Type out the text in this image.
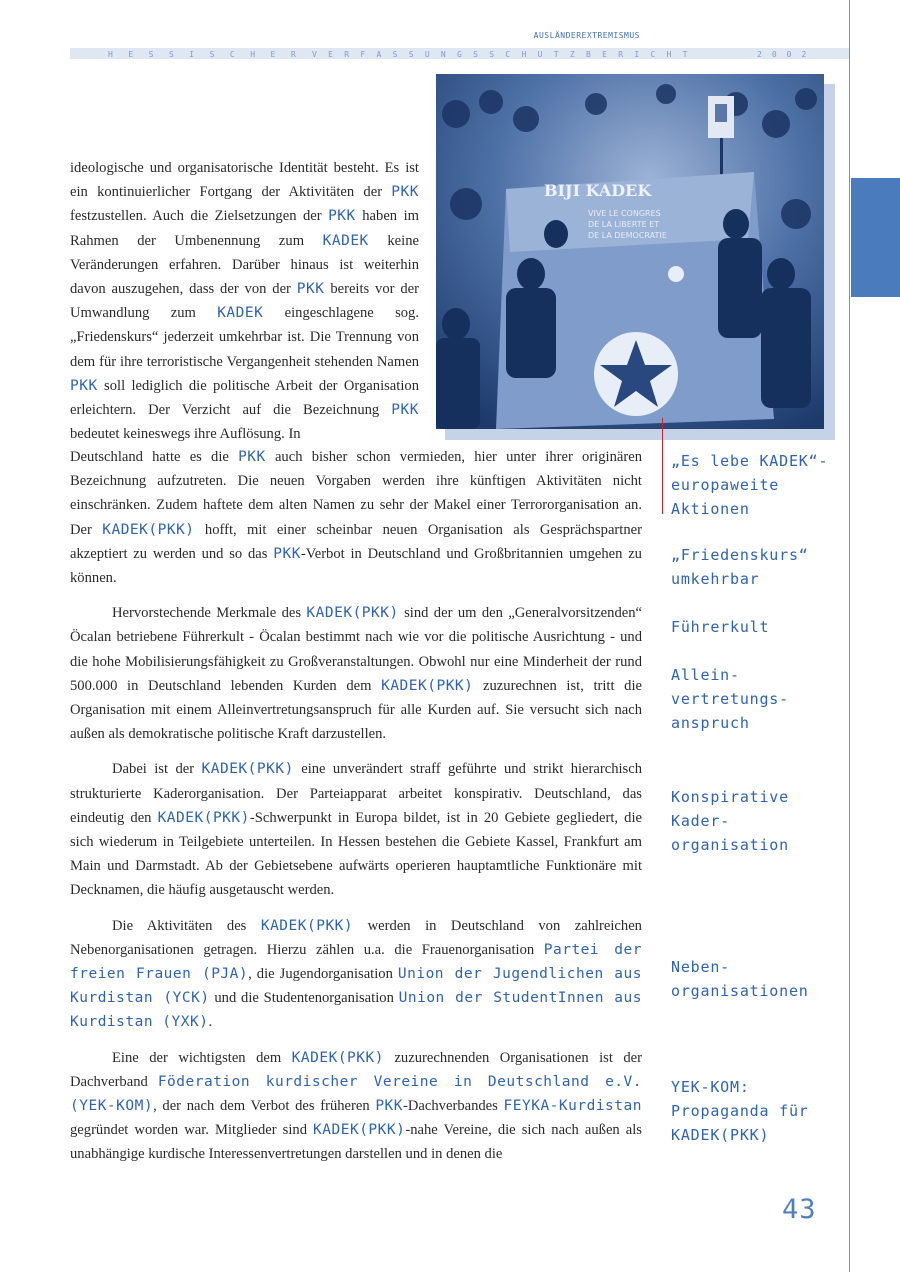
AUSLÄNDEREXTREMISMUS
HESSISCHER VERFASSUNGSSCHUTZBERICHT	2002
BIJI KADEK
VIVE LE CONGRES
DE LA LIBERTE ET
DE LA DEMOCRATIE

ideologische und organisatorische Identität besteht. Es ist ein kontinuierlicher Fortgang der Aktivitäten der PKK festzustellen. Auch die Zielsetzungen der PKK haben im Rahmen der Umbenennung zum KADEK keine Veränderungen erfahren. Darüber hinaus ist weiterhin davon auszugehen, dass der von der PKK bereits vor der Umwandlung zum KADEK eingeschlagene sog. „Friedenskurs“ jederzeit umkehrbar ist. Die Trennung von dem für ihre terroristische Vergangenheit stehenden Namen PKK soll lediglich die politische Arbeit der Organisation erleichtern. Der Verzicht auf die Bezeichnung PKK bedeutet keineswegs ihre Auflösung. In

Deutschland hatte es die PKK auch bisher schon vermieden, hier unter ihrer originären Bezeichnung aufzutreten. Die neuen Vorgaben werden ihre künftigen Aktivitäten nicht einschränken. Zudem haftete dem alten Namen zu sehr der Makel einer Terrororganisation an. Der KADEK(PKK) hofft, mit einer scheinbar neuen Organisation als Gesprächspartner akzeptiert zu werden und so das PKK-Verbot in Deutschland und Großbritannien umgehen zu können.

Hervorstechende Merkmale des KADEK(PKK) sind der um den „Generalvorsitzenden“ Öcalan betriebene Führerkult - Öcalan bestimmt nach wie vor die politische Ausrichtung - und die hohe Mobilisierungsfähigkeit zu Großveranstaltungen. Obwohl nur eine Minderheit der rund 500.000 in Deutschland lebenden Kurden dem KADEK(PKK) zuzurechnen ist, tritt die Organisation mit einem Alleinvertretungsanspruch für alle Kurden auf. Sie versucht sich nach außen als demokratische politische Kraft darzustellen.

Dabei ist der KADEK(PKK) eine unverändert straff geführte und strikt hierarchisch strukturierte Kaderorganisation. Der Parteiapparat arbeitet konspirativ. Deutschland, das eindeutig den KADEK(PKK)-Schwerpunkt in Europa bildet, ist in 20 Gebiete gegliedert, die sich wiederum in Teilgebiete unterteilen. In Hessen bestehen die Gebiete Kassel, Frankfurt am Main und Darmstadt. Ab der Gebietsebene aufwärts operieren hauptamtliche Funktionäre mit Decknamen, die häufig ausgetauscht werden.

Die Aktivitäten des KADEK(PKK) werden in Deutschland von zahlreichen Nebenorganisationen getragen. Hierzu zählen u.a. die Frauenorganisation Partei der freien Frauen (PJA), die Jugendorganisation Union der Jugendlichen aus Kurdistan (YCK) und die Studentenorganisation Union der StudentInnen aus Kurdistan (YXK).

Eine der wichtigsten dem KADEK(PKK) zuzurechnenden Organisationen ist der Dachverband Föderation kurdischer Vereine in Deutschland e.V. (YEK-KOM), der nach dem Verbot des früheren PKK-Dachverbandes FEYKA-Kurdistan gegründet worden war. Mitglieder sind KADEK(PKK)-nahe Vereine, die sich nach außen als unabhängige kurdische Interessenvertretungen darstellen und in denen die

„Es lebe KADEK“- europaweite Aktionen

„Friedenskurs“ umkehrbar

Führerkult

Allein- vertretungs- anspruch

Konspirative Kader- organisation

Neben- organisationen

YEK-KOM: Propaganda für KADEK(PKK)

43
